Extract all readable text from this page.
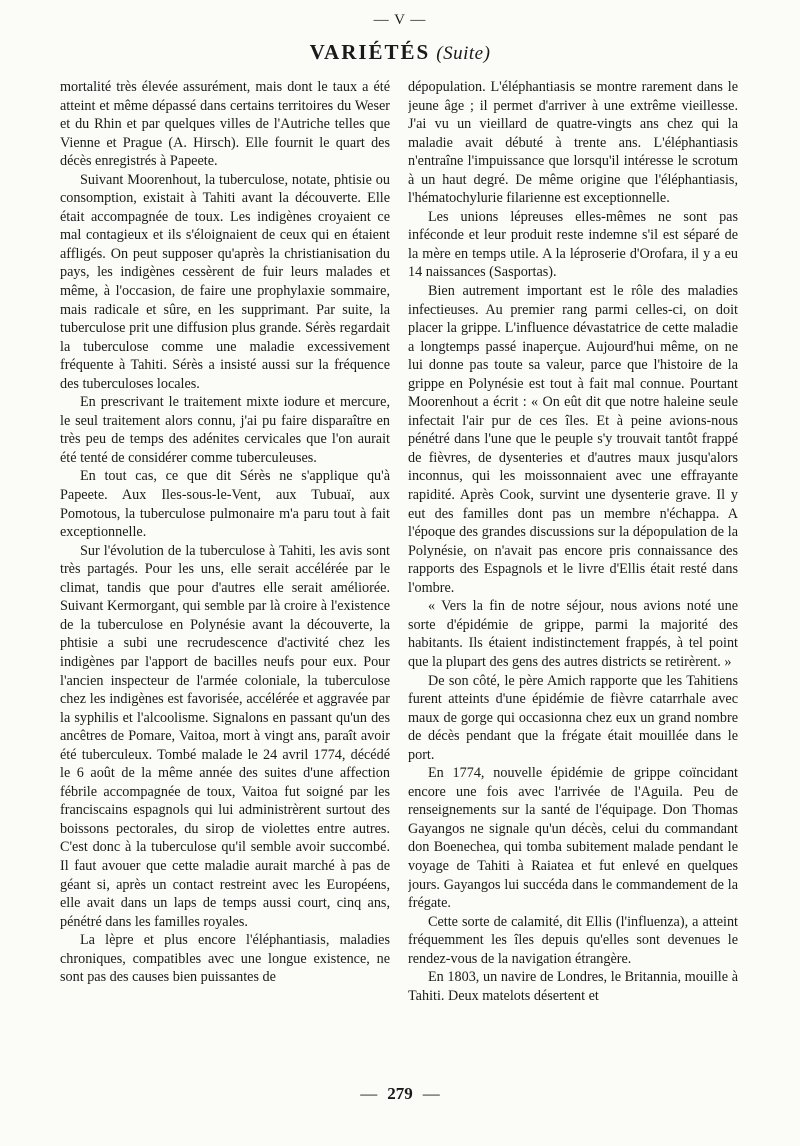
— V —
VARIÉTÉS (Suite)

mortalité très élevée assurément, mais dont le taux a été atteint et même dépassé dans certains territoires du Weser et du Rhin et par quelques villes de l'Autriche telles que Vienne et Prague (A. Hirsch). Elle fournit le quart des décès enregistrés à Papeete.

Suivant Moorenhout, la tuberculose, notate, phtisie ou consomption, existait à Tahiti avant la découverte. Elle était accompagnée de toux. Les indigènes croyaient ce mal contagieux et ils s'éloignaient de ceux qui en étaient affligés. On peut supposer qu'après la christianisation du pays, les indigènes cessèrent de fuir leurs malades et même, à l'occasion, de faire une prophylaxie sommaire, mais radicale et sûre, en les supprimant. Par suite, la tuberculose prit une diffusion plus grande. Sérès regardait la tuberculose comme une maladie excessivement fréquente à Tahiti. Sérès a insisté aussi sur la fréquence des tuberculoses locales.

En prescrivant le traitement mixte iodure et mercure, le seul traitement alors connu, j'ai pu faire disparaître en très peu de temps des adénites cervicales que l'on aurait été tenté de considérer comme tuberculeuses.

En tout cas, ce que dit Sérès ne s'applique qu'à Papeete. Aux Iles-sous-le-Vent, aux Tubuaï, aux Pomotous, la tuberculose pulmonaire m'a paru tout à fait exceptionnelle.

Sur l'évolution de la tuberculose à Tahiti, les avis sont très partagés. Pour les uns, elle serait accélérée par le climat, tandis que pour d'autres elle serait améliorée. Suivant Kermorgant, qui semble par là croire à l'existence de la tuberculose en Polynésie avant la découverte, la phtisie a subi une recrudescence d'activité chez les indigènes par l'apport de bacilles neufs pour eux. Pour l'ancien inspecteur de l'armée coloniale, la tuberculose chez les indigènes est favorisée, accélérée et aggravée par la syphilis et l'alcoolisme. Signalons en passant qu'un des ancêtres de Pomare, Vaitoa, mort à vingt ans, paraît avoir été tuberculeux. Tombé malade le 24 avril 1774, décédé le 6 août de la même année des suites d'une affection fébrile accompagnée de toux, Vaitoa fut soigné par les franciscains espagnols qui lui administrèrent surtout des boissons pectorales, du sirop de violettes entre autres. C'est donc à la tuberculose qu'il semble avoir succombé. Il faut avouer que cette maladie aurait marché à pas de géant si, après un contact restreint avec les Européens, elle avait dans un laps de temps aussi court, cinq ans, pénétré dans les familles royales.

La lèpre et plus encore l'éléphantiasis, maladies chroniques, compatibles avec une longue existence, ne sont pas des causes bien puissantes de

dépopulation. L'éléphantiasis se montre rarement dans le jeune âge ; il permet d'arriver à une extrême vieillesse. J'ai vu un vieillard de quatre-vingts ans chez qui la maladie avait débuté à trente ans. L'éléphantiasis n'entraîne l'impuissance que lorsqu'il intéresse le scrotum à un haut degré. De même origine que l'éléphantiasis, l'hématochylurie filarienne est exceptionnelle.

Les unions lépreuses elles-mêmes ne sont pas inféconde et leur produit reste indemne s'il est séparé de la mère en temps utile. A la léproserie d'Orofara, il y a eu 14 naissances (Sasportas).

Bien autrement important est le rôle des maladies infectieuses. Au premier rang parmi celles-ci, on doit placer la grippe. L'influence dévastatrice de cette maladie a longtemps passé inaperçue. Aujourd'hui même, on ne lui donne pas toute sa valeur, parce que l'histoire de la grippe en Polynésie est tout à fait mal connue. Pourtant Moorenhout a écrit : « On eût dit que notre haleine seule infectait l'air pur de ces îles. Et à peine avions-nous pénétré dans l'une que le peuple s'y trouvait tantôt frappé de fièvres, de dysenteries et d'autres maux jusqu'alors inconnus, qui les moissonnaient avec une effrayante rapidité. Après Cook, survint une dysenterie grave. Il y eut des familles dont pas un membre n'échappa. A l'époque des grandes discussions sur la dépopulation de la Polynésie, on n'avait pas encore pris connaissance des rapports des Espagnols et le livre d'Ellis était resté dans l'ombre.

« Vers la fin de notre séjour, nous avions noté une sorte d'épidémie de grippe, parmi la majorité des habitants. Ils étaient indistinctement frappés, à tel point que la plupart des gens des autres districts se retirèrent. »

De son côté, le père Amich rapporte que les Tahitiens furent atteints d'une épidémie de fièvre catarrhale avec maux de gorge qui occasionna chez eux un grand nombre de décès pendant que la frégate était mouillée dans le port.

En 1774, nouvelle épidémie de grippe coïncidant encore une fois avec l'arrivée de l'Aguila. Peu de renseignements sur la santé de l'équipage. Don Thomas Gayangos ne signale qu'un décès, celui du commandant don Boenechea, qui tomba subitement malade pendant le voyage de Tahiti à Raiatea et fut enlevé en quelques jours. Gayangos lui succéda dans le commandement de la frégate.

Cette sorte de calamité, dit Ellis (l'influenza), a atteint fréquemment les îles depuis qu'elles sont devenues le rendez-vous de la navigation étrangère.

En 1803, un navire de Londres, le Britannia, mouille à Tahiti. Deux matelots désertent et

— 279 —
